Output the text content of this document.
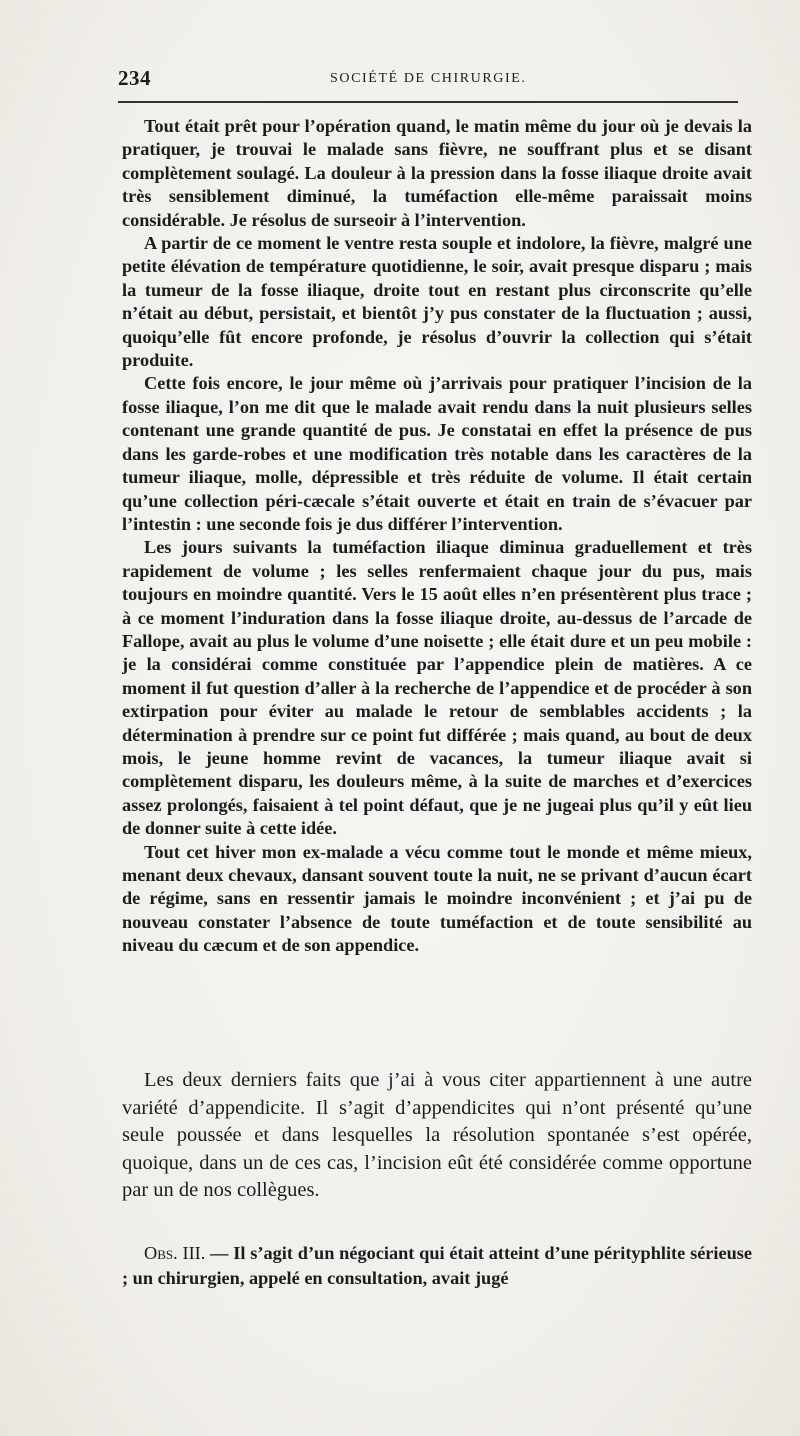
234	SOCIÉTÉ DE CHIRURGIE.

Tout était prêt pour l’opération quand, le matin même du jour où je devais la pratiquer, je trouvai le malade sans fièvre, ne souffrant plus et se disant complètement soulagé. La douleur à la pression dans la fosse iliaque droite avait très sensiblement diminué, la tuméfaction elle-même paraissait moins considérable. Je résolus de surseoir à l’intervention.

A partir de ce moment le ventre resta souple et indolore, la fièvre, malgré une petite élévation de température quotidienne, le soir, avait presque disparu ; mais la tumeur de la fosse iliaque, droite tout en restant plus circonscrite qu’elle n’était au début, persistait, et bientôt j’y pus constater de la fluctuation ; aussi, quoiqu’elle fût encore profonde, je résolus d’ouvrir la collection qui s’était produite.

Cette fois encore, le jour même où j’arrivais pour pratiquer l’incision de la fosse iliaque, l’on me dit que le malade avait rendu dans la nuit plusieurs selles contenant une grande quantité de pus. Je constatai en effet la présence de pus dans les garde-robes et une modification très notable dans les caractères de la tumeur iliaque, molle, dépressible et très réduite de volume. Il était certain qu’une collection péri-cæcale s’était ouverte et était en train de s’évacuer par l’intestin : une seconde fois je dus différer l’intervention.

Les jours suivants la tuméfaction iliaque diminua graduellement et très rapidement de volume ; les selles renfermaient chaque jour du pus, mais toujours en moindre quantité. Vers le 15 août elles n’en présentèrent plus trace ; à ce moment l’induration dans la fosse iliaque droite, au-dessus de l’arcade de Fallope, avait au plus le volume d’une noisette ; elle était dure et un peu mobile : je la considérai comme constituée par l’appendice plein de matières. A ce moment il fut question d’aller à la recherche de l’appendice et de procéder à son extirpation pour éviter au malade le retour de semblables accidents ; la détermination à prendre sur ce point fut différée ; mais quand, au bout de deux mois, le jeune homme revint de vacances, la tumeur iliaque avait si complètement disparu, les douleurs même, à la suite de marches et d’exercices assez prolongés, faisaient à tel point défaut, que je ne jugeai plus qu’il y eût lieu de donner suite à cette idée.

Tout cet hiver mon ex-malade a vécu comme tout le monde et même mieux, menant deux chevaux, dansant souvent toute la nuit, ne se privant d’aucun écart de régime, sans en ressentir jamais le moindre inconvénient ; et j’ai pu de nouveau constater l’absence de toute tuméfaction et de toute sensibilité au niveau du cæcum et de son appendice.

Les deux derniers faits que j’ai à vous citer appartiennent à une autre variété d’appendicite. Il s’agit d’appendicites qui n’ont présenté qu’une seule poussée et dans lesquelles la résolution spontanée s’est opérée, quoique, dans un de ces cas, l’incision eût été considérée comme opportune par un de nos collègues.

Obs. III. — Il s’agit d’un négociant qui était atteint d’une pérityphlite sérieuse ; un chirurgien, appelé en consultation, avait jugé
